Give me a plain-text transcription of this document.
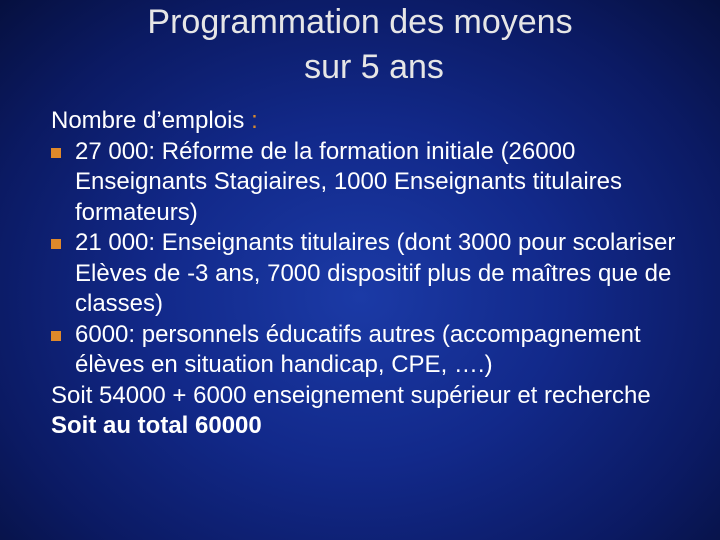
Programmation des moyens
sur 5 ans

Nombre d’emplois :

27 000: Réforme de la formation initiale (26000 Enseignants Stagiaires, 1000 Enseignants titulaires formateurs)
21 000: Enseignants titulaires (dont 3000 pour scolariser Elèves de -3 ans, 7000 dispositif plus de maîtres que de classes)
6000: personnels éducatifs autres (accompagnement élèves en situation handicap, CPE, ….)

Soit 54000 + 6000 enseignement supérieur et recherche

Soit au total 60000
